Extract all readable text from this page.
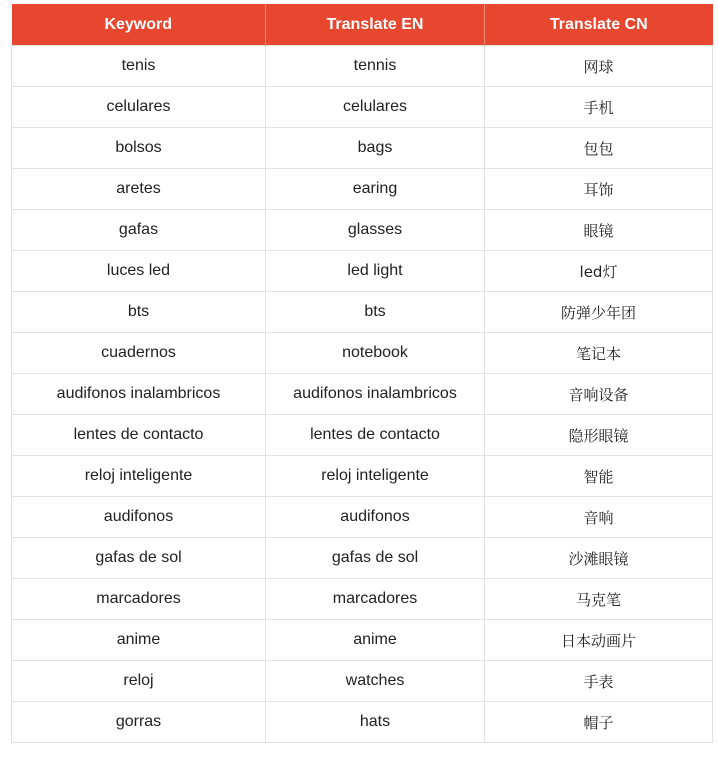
Keyword	Translate EN	Translate CN
tenis	tennis	网球
celulares	celulares	手机
bolsos	bags	包包
aretes	earing	耳饰
gafas	glasses	眼镜
luces led	led light	led灯
bts	bts	防弹少年团
cuadernos	notebook	笔记本
audifonos inalambricos	audifonos inalambricos	音响设备
lentes de contacto	lentes de contacto	隐形眼镜
reloj inteligente	reloj inteligente	智能
audifonos	audifonos	音响
gafas de sol	gafas de sol	沙滩眼镜
marcadores	marcadores	马克笔
anime	anime	日本动画片
reloj	watches	手表
gorras	hats	帽子
